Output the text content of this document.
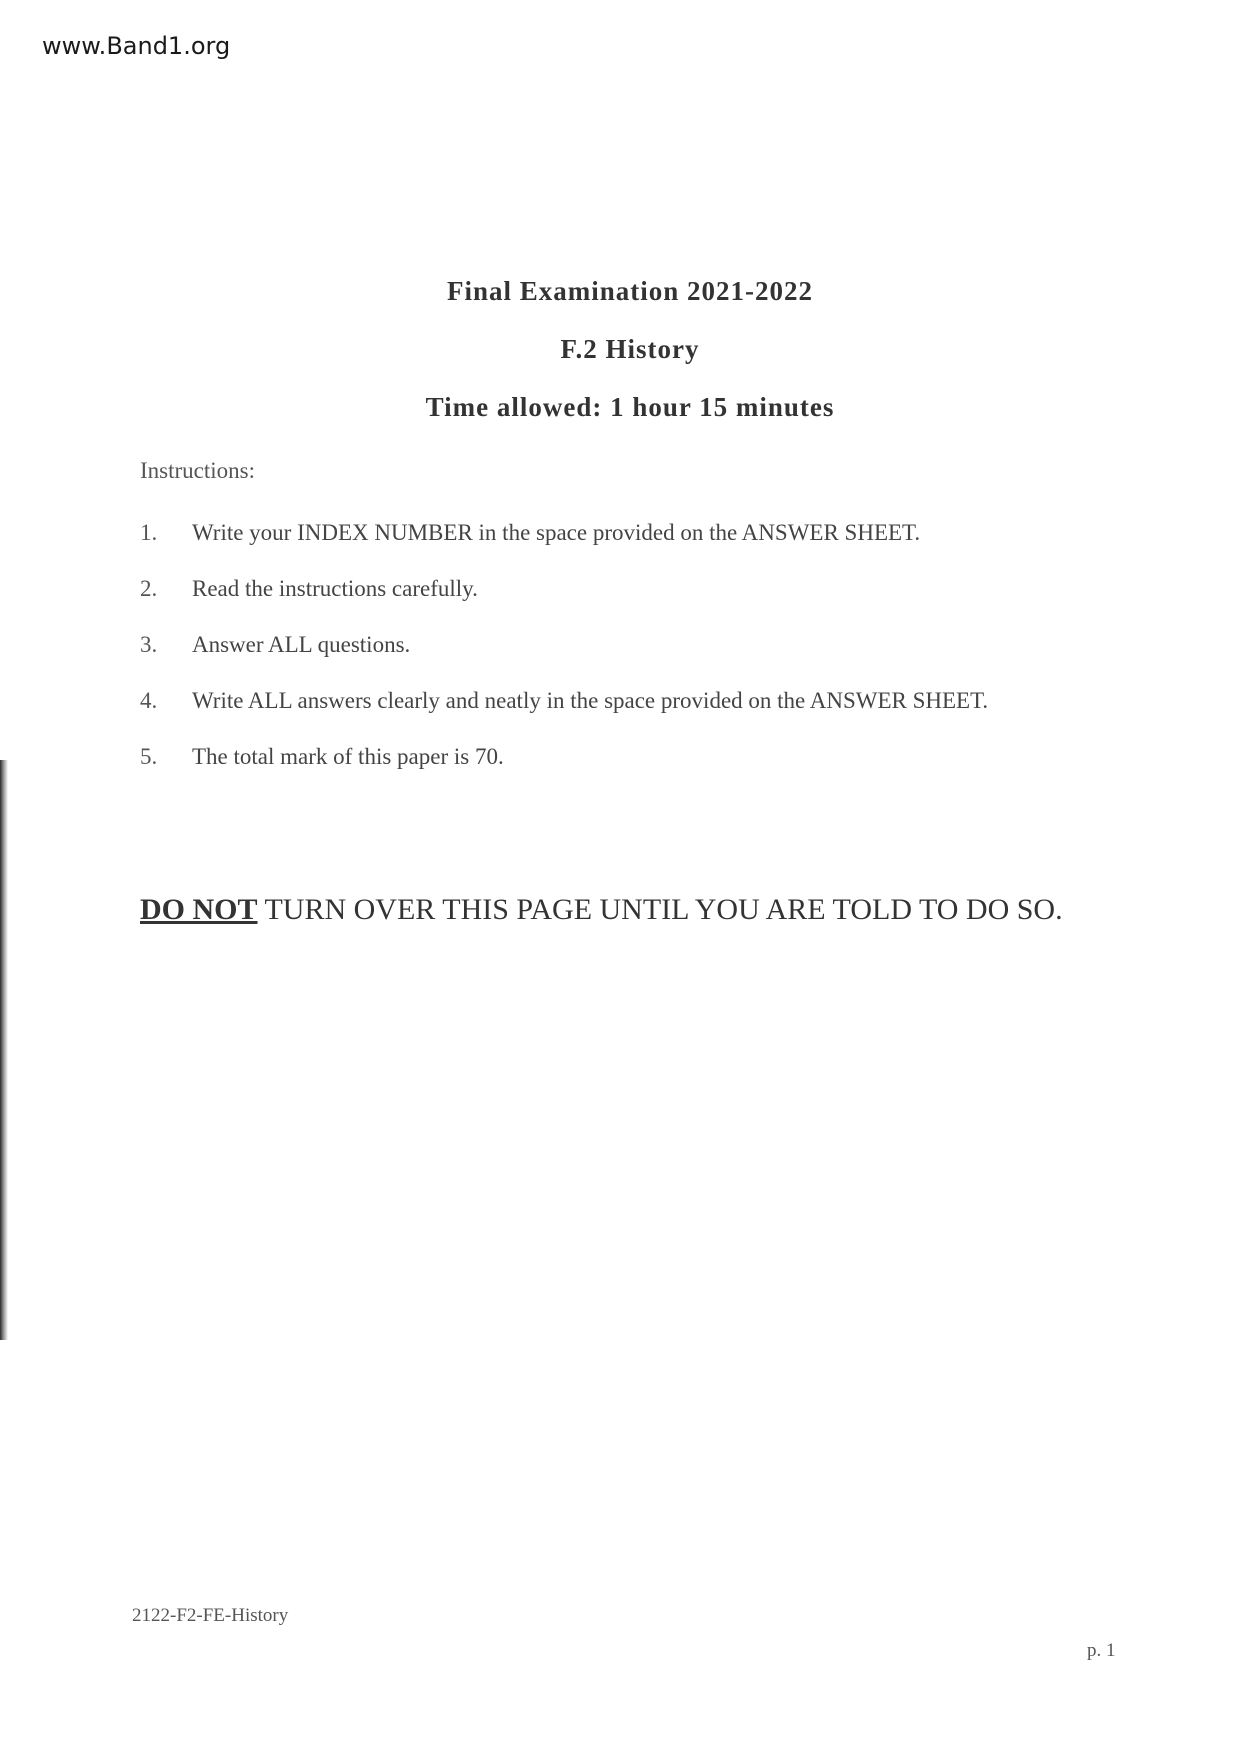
www.Band1.org
Final Examination 2021-2022
F.2 History
Time allowed: 1 hour 15 minutes
Instructions:
1. Write your INDEX NUMBER in the space provided on the ANSWER SHEET.
2. Read the instructions carefully.
3. Answer ALL questions.
4. Write ALL answers clearly and neatly in the space provided on the ANSWER SHEET.
5. The total mark of this paper is 70.
DO NOT TURN OVER THIS PAGE UNTIL YOU ARE TOLD TO DO SO.
2122-F2-FE-History
p. 1
